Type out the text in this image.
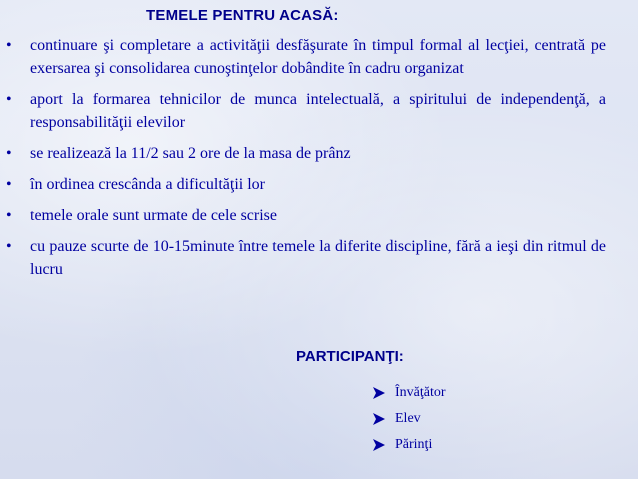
TEMELE PENTRU ACASĂ:
• continuare şi completare a activităţii desfăşurate în timpul formal al lecţiei, centrată pe exersarea şi consolidarea cunoştinţelor dobândite în cadru organizat
• aport la formarea tehnicilor de munca intelectuală, a spiritului de independenţă, a responsabilităţii elevilor
• se realizează la 11/2 sau 2 ore de la masa de prânz
• în ordinea crescânda a dificultăţii lor
• temele orale sunt urmate de cele scrise
• cu pauze scurte de 10-15minute între temele la diferite discipline, fără a ieşi din ritmul de lucru
PARTICIPANŢI:
Învăţător
Elev
Părinţi
